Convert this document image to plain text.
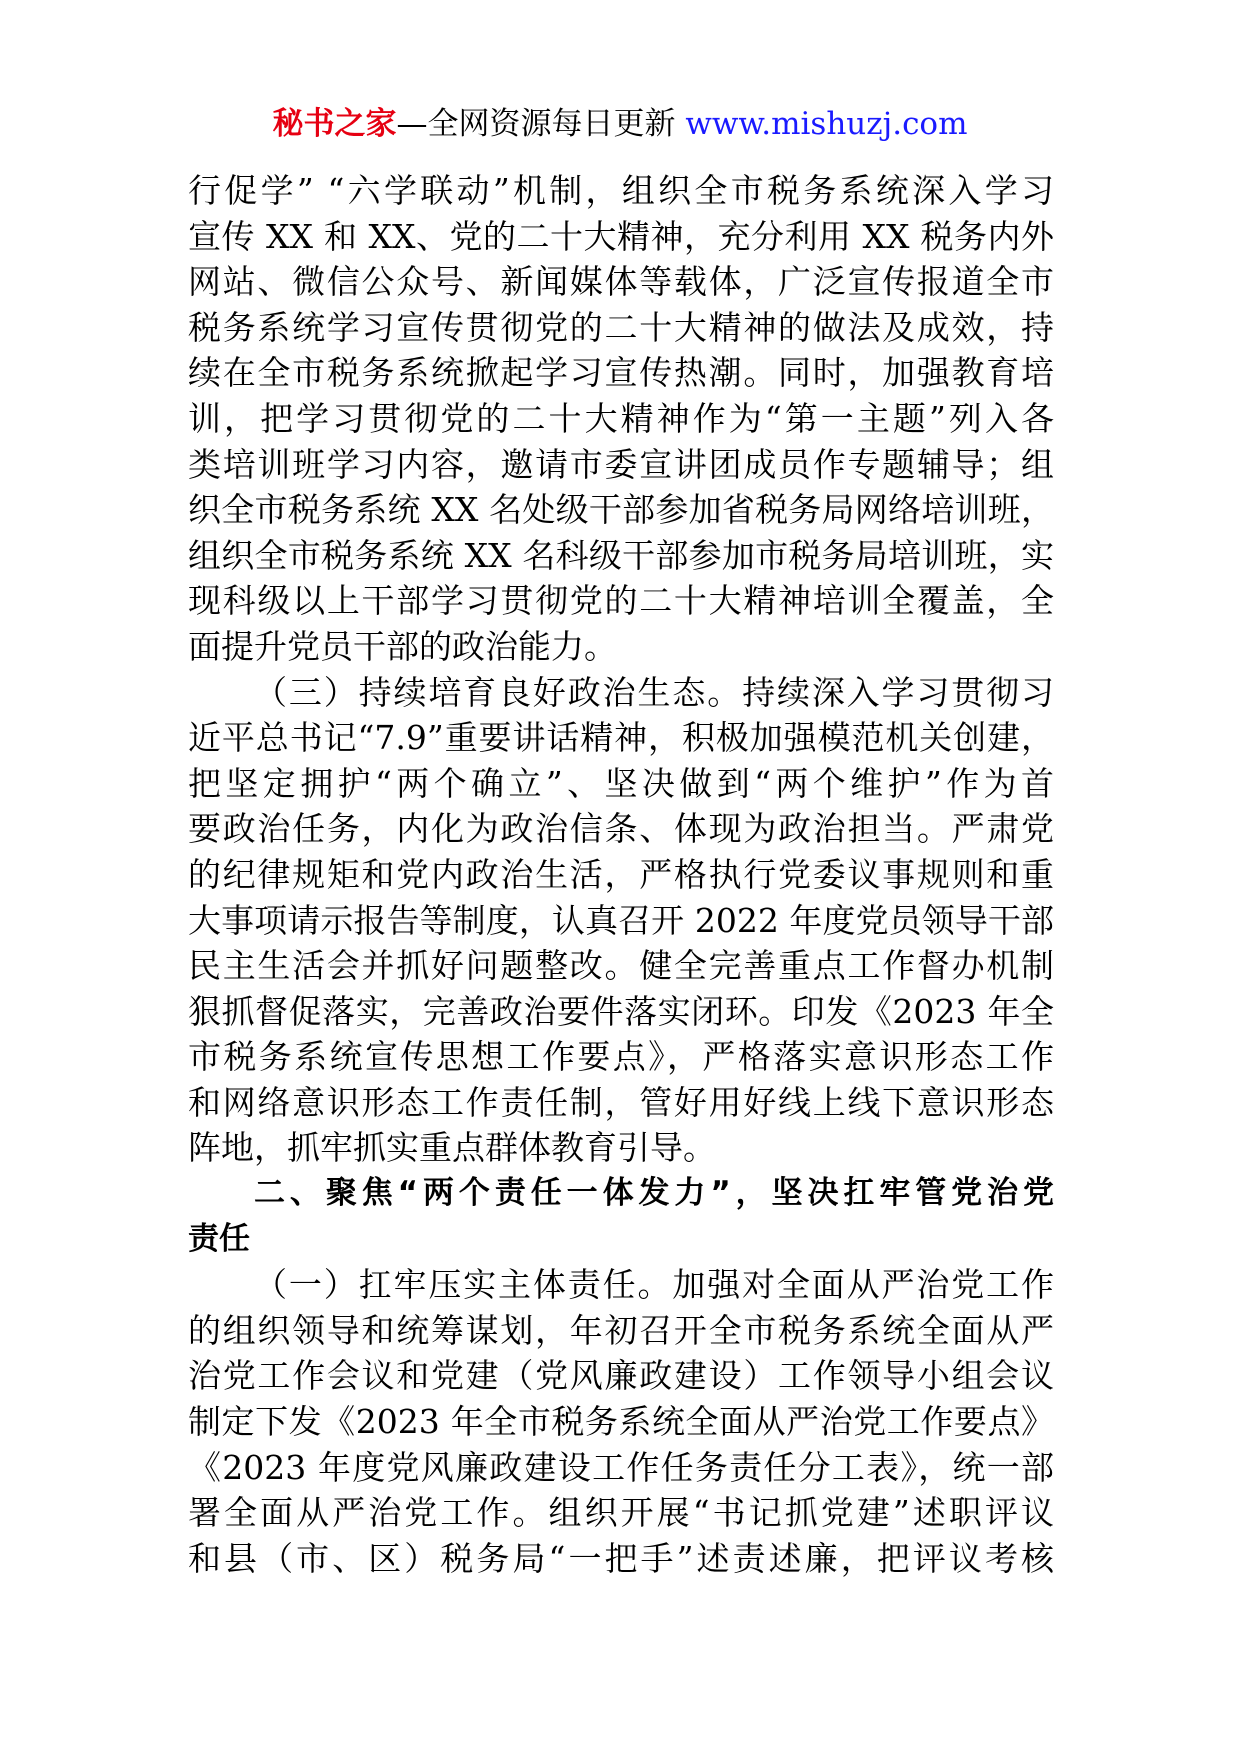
秘书之家—全网资源每日更新 www.mishuzj.com
行促学” “六学联动”机制，组织全市税务系统深入学习
宣传 XX 和 XX、党的二十大精神，充分利用 XX 税务内外
网站、微信公众号、新闻媒体等载体，广泛宣传报道全市
税务系统学习宣传贯彻党的二十大精神的做法及成效，持
续在全市税务系统掀起学习宣传热潮。同时，加强教育培
训，把学习贯彻党的二十大精神作为“第一主题”列入各
类培训班学习内容，邀请市委宣讲团成员作专题辅导；组
织全市税务系统 XX 名处级干部参加省税务局网络培训班，
组织全市税务系统 XX 名科级干部参加市税务局培训班，实
现科级以上干部学习贯彻党的二十大精神培训全覆盖，全
面提升党员干部的政治能力。
（三）持续培育良好政治生态。持续深入学习贯彻习
近平总书记“7.9”重要讲话精神，积极加强模范机关创建，
把坚定拥护“两个确立”、坚决做到“两个维护”作为首
要政治任务，内化为政治信条、体现为政治担当。严肃党
的纪律规矩和党内政治生活，严格执行党委议事规则和重
大事项请示报告等制度，认真召开 2022 年度党员领导干部
民主生活会并抓好问题整改。健全完善重点工作督办机制
狠抓督促落实，完善政治要件落实闭环。印发《2023 年全
市税务系统宣传思想工作要点》，严格落实意识形态工作
和网络意识形态工作责任制，管好用好线上线下意识形态
阵地，抓牢抓实重点群体教育引导。
二、聚焦“两个责任一体发力”，坚决扛牢管党治党
责任
（一）扛牢压实主体责任。加强对全面从严治党工作
的组织领导和统筹谋划，年初召开全市税务系统全面从严
治党工作会议和党建（党风廉政建设）工作领导小组会议
制定下发《2023 年全市税务系统全面从严治党工作要点》
《2023 年度党风廉政建设工作任务责任分工表》，统一部
署全面从严治党工作。组织开展“书记抓党建”述职评议
和县（市、区）税务局“一把手”述责述廉，把评议考核
